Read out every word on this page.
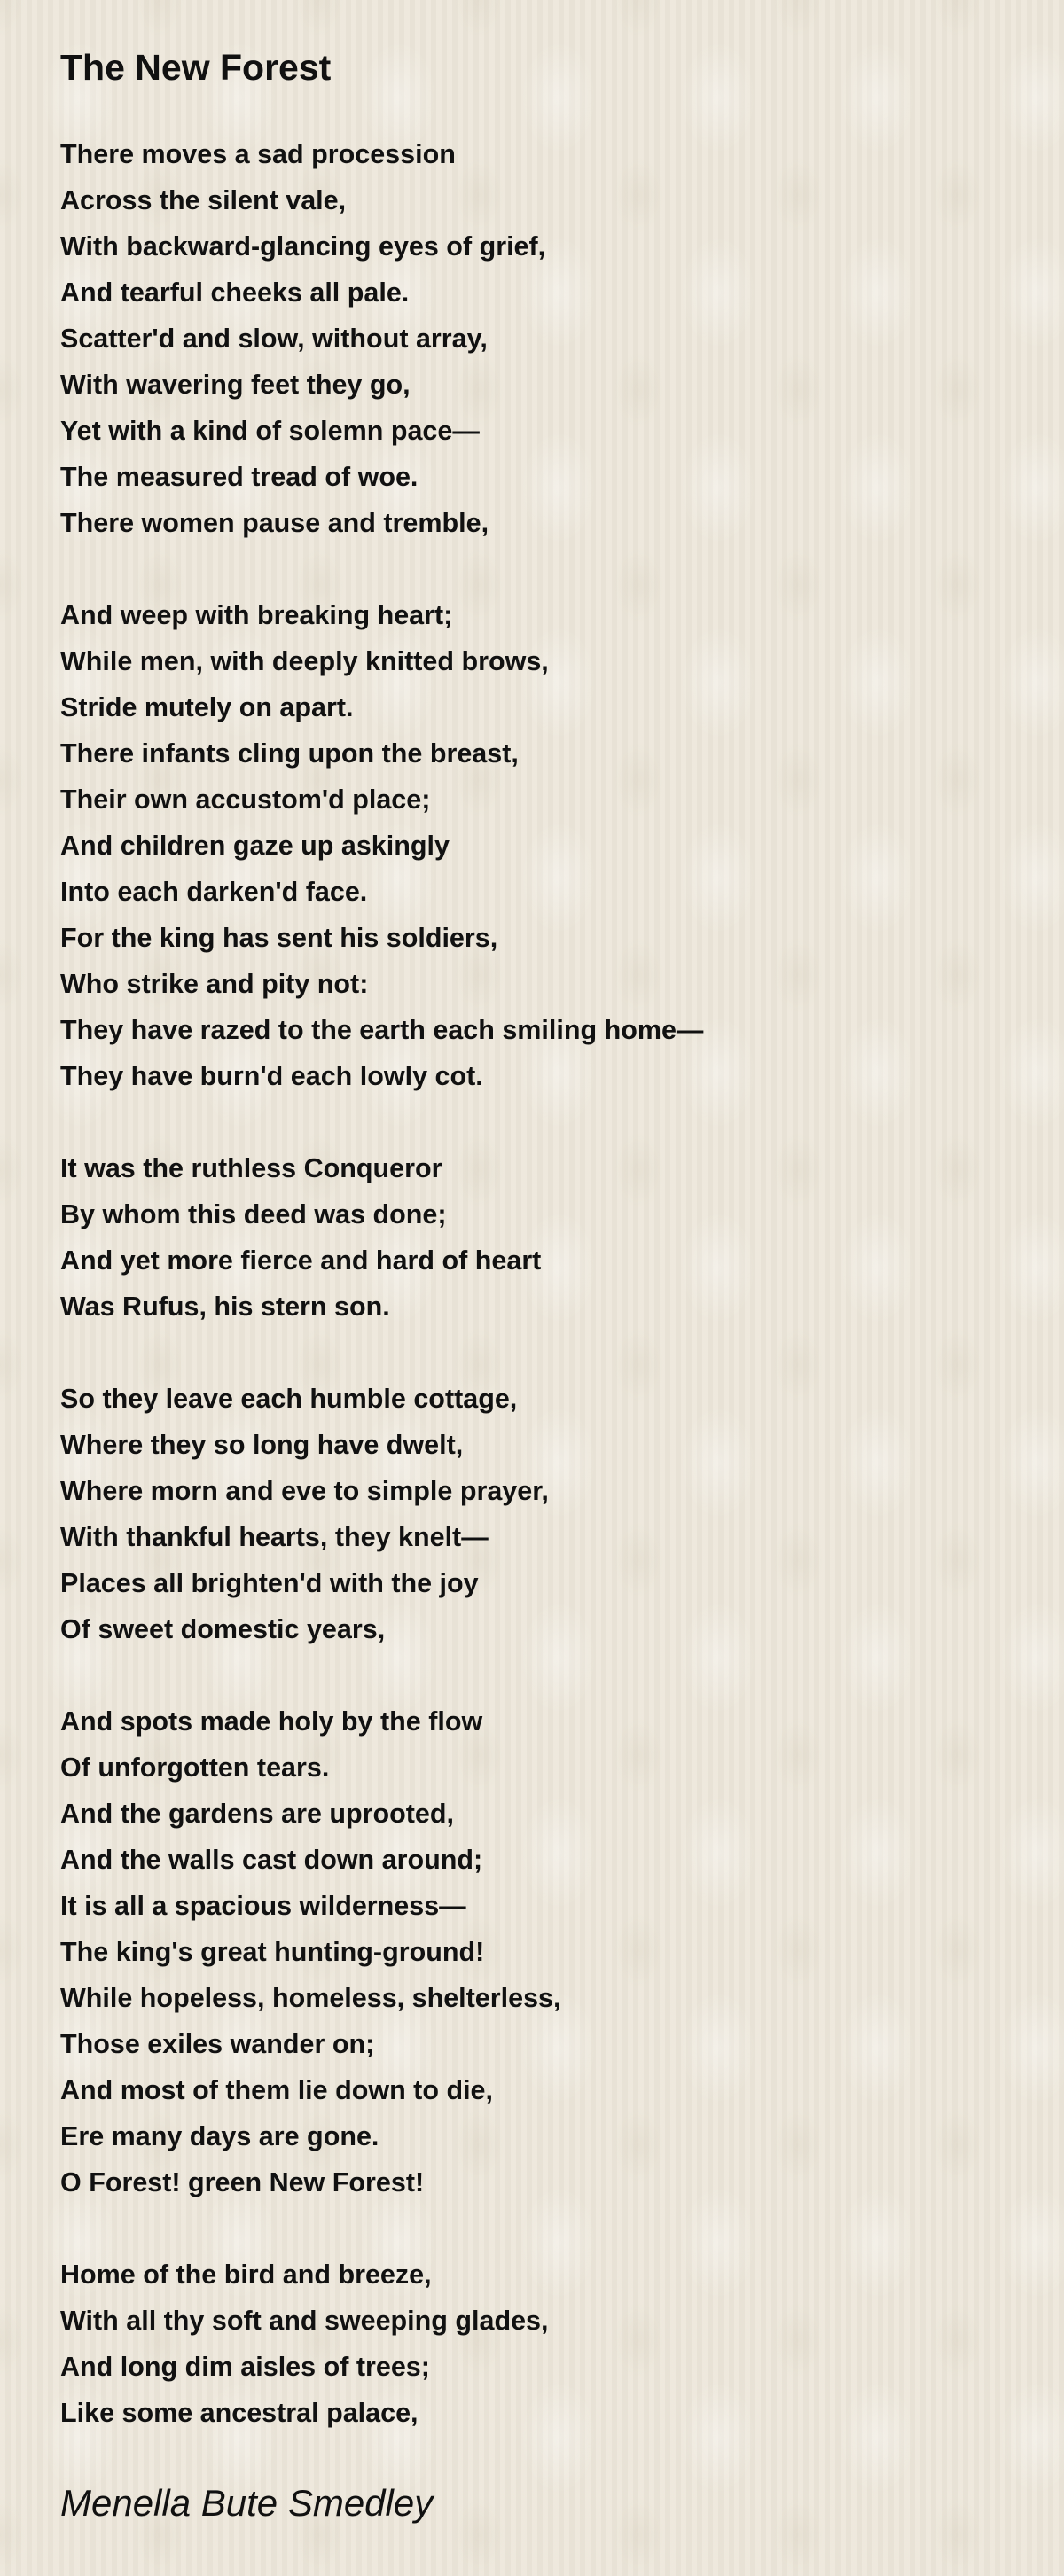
The New Forest
There moves a sad procession
Across the silent vale,
With backward-glancing eyes of grief,
And tearful cheeks all pale.
Scatter'd and slow, without array,
With wavering feet they go,
Yet with a kind of solemn pace—
The measured tread of woe.
There women pause and tremble,
And weep with breaking heart;
While men, with deeply knitted brows,
Stride mutely on apart.
There infants cling upon the breast,
Their own accustom'd place;
And children gaze up askingly
Into each darken'd face.
For the king has sent his soldiers,
Who strike and pity not:
They have razed to the earth each smiling home—
They have burn'd each lowly cot.
It was the ruthless Conqueror
By whom this deed was done;
And yet more fierce and hard of heart
Was Rufus, his stern son.
So they leave each humble cottage,
Where they so long have dwelt,
Where morn and eve to simple prayer,
With thankful hearts, they knelt—
Places all brighten'd with the joy
Of sweet domestic years,
And spots made holy by the flow
Of unforgotten tears.
And the gardens are uprooted,
And the walls cast down around;
It is all a spacious wilderness—
The king's great hunting-ground!
While hopeless, homeless, shelterless,
Those exiles wander on;
And most of them lie down to die,
Ere many days are gone.
O Forest! green New Forest!
Home of the bird and breeze,
With all thy soft and sweeping glades,
And long dim aisles of trees;
Like some ancestral palace,
Menella Bute Smedley
